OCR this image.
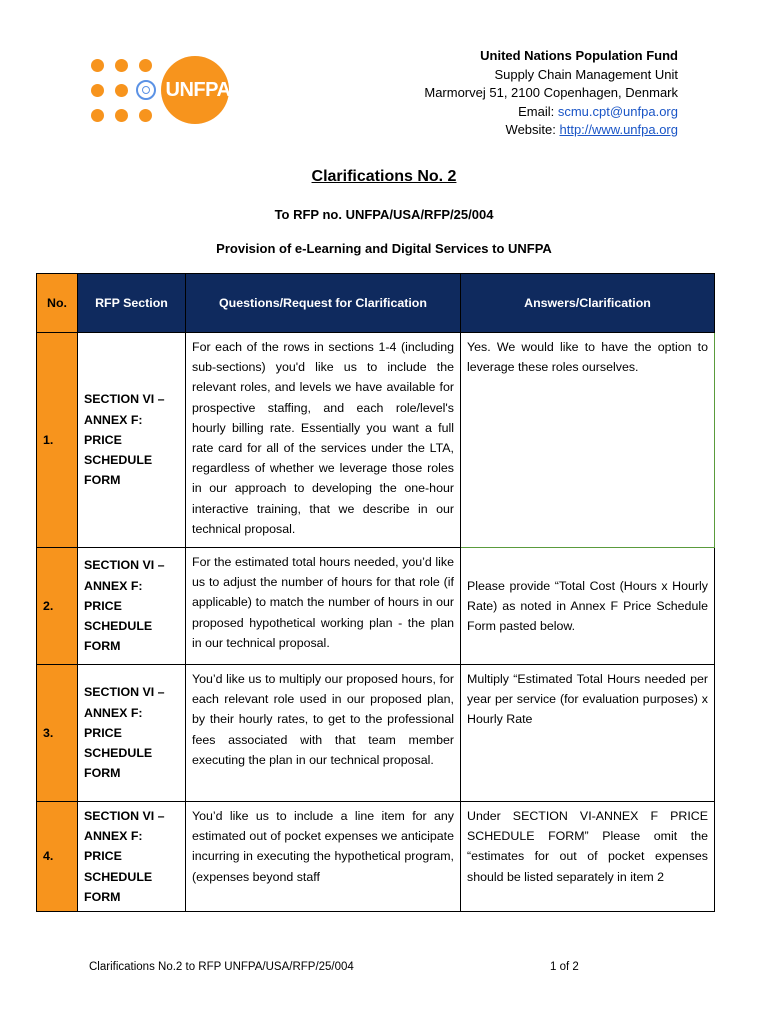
UNFPA
United Nations Population Fund
Supply Chain Management Unit
Marmorvej 51, 2100 Copenhagen, Denmark
Email: scmu.cpt@unfpa.org
Website: http://www.unfpa.org
Clarifications No. 2
To RFP no. UNFPA/USA/RFP/25/004
Provision of e-Learning and Digital Services to UNFPA
No.	RFP Section	Questions/Request for Clarification	Answers/Clarification
1.	SECTION VI – ANNEX F: PRICE SCHEDULE FORM	For each of the rows in sections 1-4 (including sub-sections) you'd like us to include the relevant roles, and levels we have available for prospective staffing, and each role/level's hourly billing rate. Essentially you want a full rate card for all of the services under the LTA, regardless of whether we leverage those roles in our approach to developing the one-hour interactive training, that we describe in our technical proposal.	Yes. We would like to have the option to leverage these roles ourselves.
2.	SECTION VI – ANNEX F: PRICE SCHEDULE FORM	For the estimated total hours needed, you’d like us to adjust the number of hours for that role (if applicable) to match the number of hours in our proposed hypothetical working plan - the plan in our technical proposal.	Please provide “Total Cost (Hours x Hourly Rate) as noted in Annex F Price Schedule Form pasted below.
3.	SECTION VI – ANNEX F: PRICE SCHEDULE FORM	You’d like us to multiply our proposed hours, for each relevant role used in our proposed plan, by their hourly rates, to get to the professional fees associated with that team member executing the plan in our technical proposal.	Multiply “Estimated Total Hours needed per year per service (for evaluation purposes) x Hourly Rate
4.	SECTION VI – ANNEX F: PRICE SCHEDULE FORM	You’d like us to include a line item for any estimated out of pocket expenses we anticipate incurring in executing the hypothetical program, (expenses beyond staff	Under SECTION VI-ANNEX F PRICE SCHEDULE FORM” Please omit the “estimates for out of pocket expenses should be listed separately in item 2
Clarifications No.2 to RFP UNFPA/USA/RFP/25/004	1 of 2
